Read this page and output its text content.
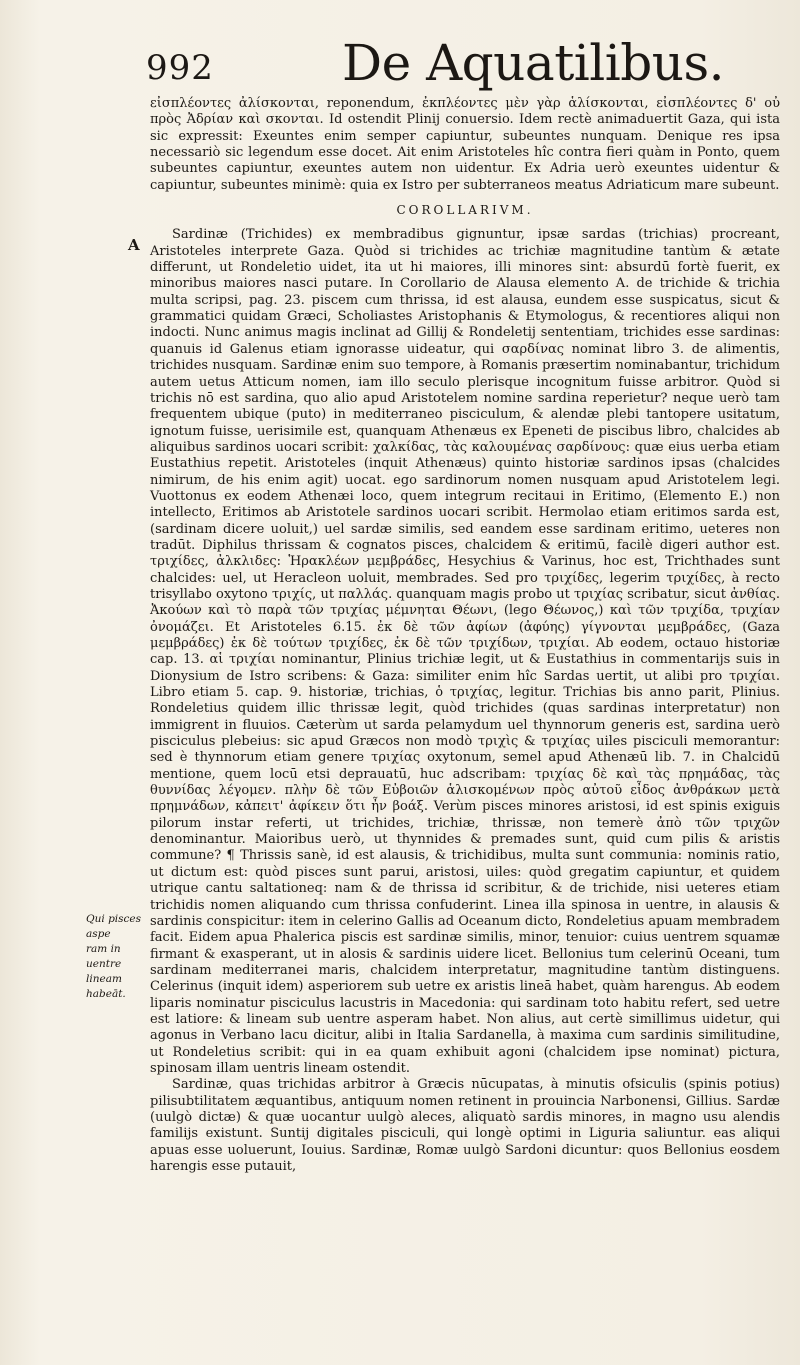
992	De Aquatilibus.
A
Qui pisces aspe
ram in uentre
lineam habeāt.

εἰσπλέοντες ἀλίσκονται, reponendum, ἐκπλέοντες μὲν γὰρ ἁλίσκονται, εἰσπλέοντες δ' οὐ πρὸς Ἀδρίαν καὶ σκονται. Id ostendit Plinij conuersio. Idem rectè animaduertit Gaza, qui ista sic expressit: Exeuntes enim semper capiuntur, subeuntes nunquam. Denique res ipsa necessariò sic legendum esse docet. Ait enim Aristoteles hîc contra fieri quàm in Ponto, quem subeuntes capiuntur, exeuntes autem non uidentur. Ex Adria uerò exeuntes uidentur & capiuntur, subeuntes minimè: quia ex Istro per subterraneos meatus Adriaticum mare subeunt.

COROLLARIVM.

Sardinæ (Trichides) ex membradibus gignuntur, ipsæ sardas (trichias) procreant, Aristoteles interprete Gaza. Quòd si trichides ac trichiæ magnitudine tantùm & ætate differunt, ut Rondeletio uidet, ita ut hi maiores, illi minores sint: absurdū fortè fuerit, ex minoribus maiores nasci putare. In Corollario de Alausa elemento A. de trichide & trichia multa scripsi, pag. 23. piscem cum thrissa, id est alausa, eundem esse suspicatus, sicut & grammatici quidam Græci, Scholiastes Aristophanis & Etymologus, & recentiores aliqui non indocti. Nunc animus magis inclinat ad Gillij & Rondeletij sententiam, trichides esse sardinas: quanuis id Galenus etiam ignorasse uideatur, qui σαρδίνας nominat libro 3. de alimentis, trichides nusquam. Sardinæ enim suo tempore, à Romanis præsertim nominabantur, trichidum autem uetus Atticum nomen, iam illo seculo plerisque incognitum fuisse arbitror. Quòd si trichis nō est sardina, quo alio apud Aristotelem nomine sardina reperietur? neque uerò tam frequentem ubique (puto) in mediterraneo pisciculum, & alendæ plebi tantopere usitatum, ignotum fuisse, uerisimile est, quanquam Athenæus ex Epeneti de piscibus libro, chalcides ab aliquibus sardinos uocari scribit: χαλκίδας, τὰς καλουμένας σαρδίνους: quæ eius uerba etiam Eustathius repetit. Aristoteles (inquit Athenæus) quinto historiæ sardinos ipsas (chalcides nimirum, de his enim agit) uocat. ego sardinorum nomen nusquam apud Aristotelem legi. Vuottonus ex eodem Athenæi loco, quem integrum recitaui in Eritimo, (Elemento E.) non intellecto, Eritimos ab Aristotele sardinos uocari scribit. Hermolao etiam eritimos sarda est, (sardinam dicere uoluit,) uel sardæ similis, sed eandem esse sardinam eritimo, ueteres non tradūt. Diphilus thrissam & cognatos pisces, chalcidem & eritimū, facilè digeri author est. τριχίδες, ἀλκλιδες: Ἡρακλέων μεμβράδες, Hesychius & Varinus, hoc est, Trichthades sunt chalcides: uel, ut Heracleon uoluit, membrades. Sed pro τριχίδες, legerim τριχίδες, à recto trisyllabo oxytono τριχίς, ut παλλάς. quanquam magis probo ut τριχίας scribatur, sicut ἀνθίας. Ἀκούων καὶ τὸ παρὰ τῶν τριχίας μέμνηται Θέωνι, (lego Θέωνος,) καὶ τῶν τριχίδα, τριχίαν ὀνομάζει. Et Aristoteles 6.15. ἐκ δὲ τῶν ἀφίων (ἀφύης) γίγνονται μεμβράδες, (Gaza μεμβράδες) ἐκ δὲ τούτων τριχίδες, ἐκ δὲ τῶν τριχίδων, τριχίαι. Ab eodem, octauo historiæ cap. 13. αἱ τριχίαι nominantur, Plinius trichiæ legit, ut & Eustathius in commentarijs suis in Dionysium de Istro scribens: & Gaza: similiter enim hîc Sardas uertit, ut alibi pro τριχίαι. Libro etiam 5. cap. 9. historiæ, trichias, ὁ τριχίας, legitur. Trichias bis anno parit, Plinius. Rondeletius quidem illic thrissæ legit, quòd trichides (quas sardinas interpretatur) non immigrent in fluuios. Cæterùm ut sarda pelamydum uel thynnorum generis est, sardina uerò pisciculus plebeius: sic apud Græcos non modò τριχὶς & τριχίας uiles pisciculi memorantur: sed è thynnorum etiam genere τριχίας oxytonum, semel apud Athenæū lib. 7. in Chalcidū mentione, quem locū etsi deprauatū, huc adscribam: τριχίας δὲ καὶ τὰς πρημάδας, τὰς θυννίδας λέγομεν. πλὴν δὲ τῶν Εὐβοιῶν ἁλισκομένων πρὸς αὐτοῦ εἶδος ἀνθράκων μετὰ πρημνάδων, κἀπειτ' ἀφίκειν ὅτι ἦν βοάξ. Verùm pisces minores aristosi, id est spinis exiguis pilorum instar referti, ut trichides, trichiæ, thrissæ, non temerè ἀπὸ τῶν τριχῶν denominantur. Maioribus uerò, ut thynnides & premades sunt, quid cum pilis & aristis commune? ¶ Thrissis sanè, id est alausis, & trichidibus, multa sunt communia: nominis ratio, ut dictum est: quòd pisces sunt parui, aristosi, uiles: quòd gregatim capiuntur, et quidem utrique cantu saltationeq: nam & de thrissa id scribitur, & de trichide, nisi ueteres etiam trichidis nomen aliquando cum thrissa confuderint. Linea illa spinosa in uentre, in alausis & sardinis conspicitur: item in celerino Gallis ad Oceanum dicto, Rondeletius apuam membradem facit. Eidem apua Phalerica piscis est sardinæ similis, minor, tenuior: cuius uentrem squamæ firmant & exasperant, ut in alosis & sardinis uidere licet. Bellonius tum celerinū Oceani, tum sardinam mediterranei maris, chalcidem interpretatur, magnitudine tantùm distinguens. Celerinus (inquit idem) asperiorem sub uetre ex aristis lineā habet, quàm harengus. Ab eodem liparis nominatur pisciculus lacustris in Macedonia: qui sardinam toto habitu refert, sed uetre est latiore: & lineam sub uentre asperam habet. Non alius, aut certè simillimus uidetur, qui agonus in Verbano lacu dicitur, alibi in Italia Sardanella, à maxima cum sardinis similitudine, ut Rondeletius scribit: qui in ea quam exhibuit agoni (chalcidem ipse nominat) pictura, spinosam illam uentris lineam ostendit.

Sardinæ, quas trichidas arbitror à Græcis nūcupatas, à minutis ofsiculis (spinis potius) pilisubtilitatem æquantibus, antiquum nomen retinent in prouincia Narbonensi, Gillius. Sardæ (uulgò dictæ) & quæ uocantur uulgò aleces, aliquatò sardis minores, in magno usu alendis familijs existunt. Suntij digitales pisciculi, qui longè optimi in Liguria saliuntur. eas aliqui apuas esse uoluerunt, Iouius. Sardinæ, Romæ uulgò Sardoni dicuntur: quos Bellonius eosdem harengis esse putauit,
